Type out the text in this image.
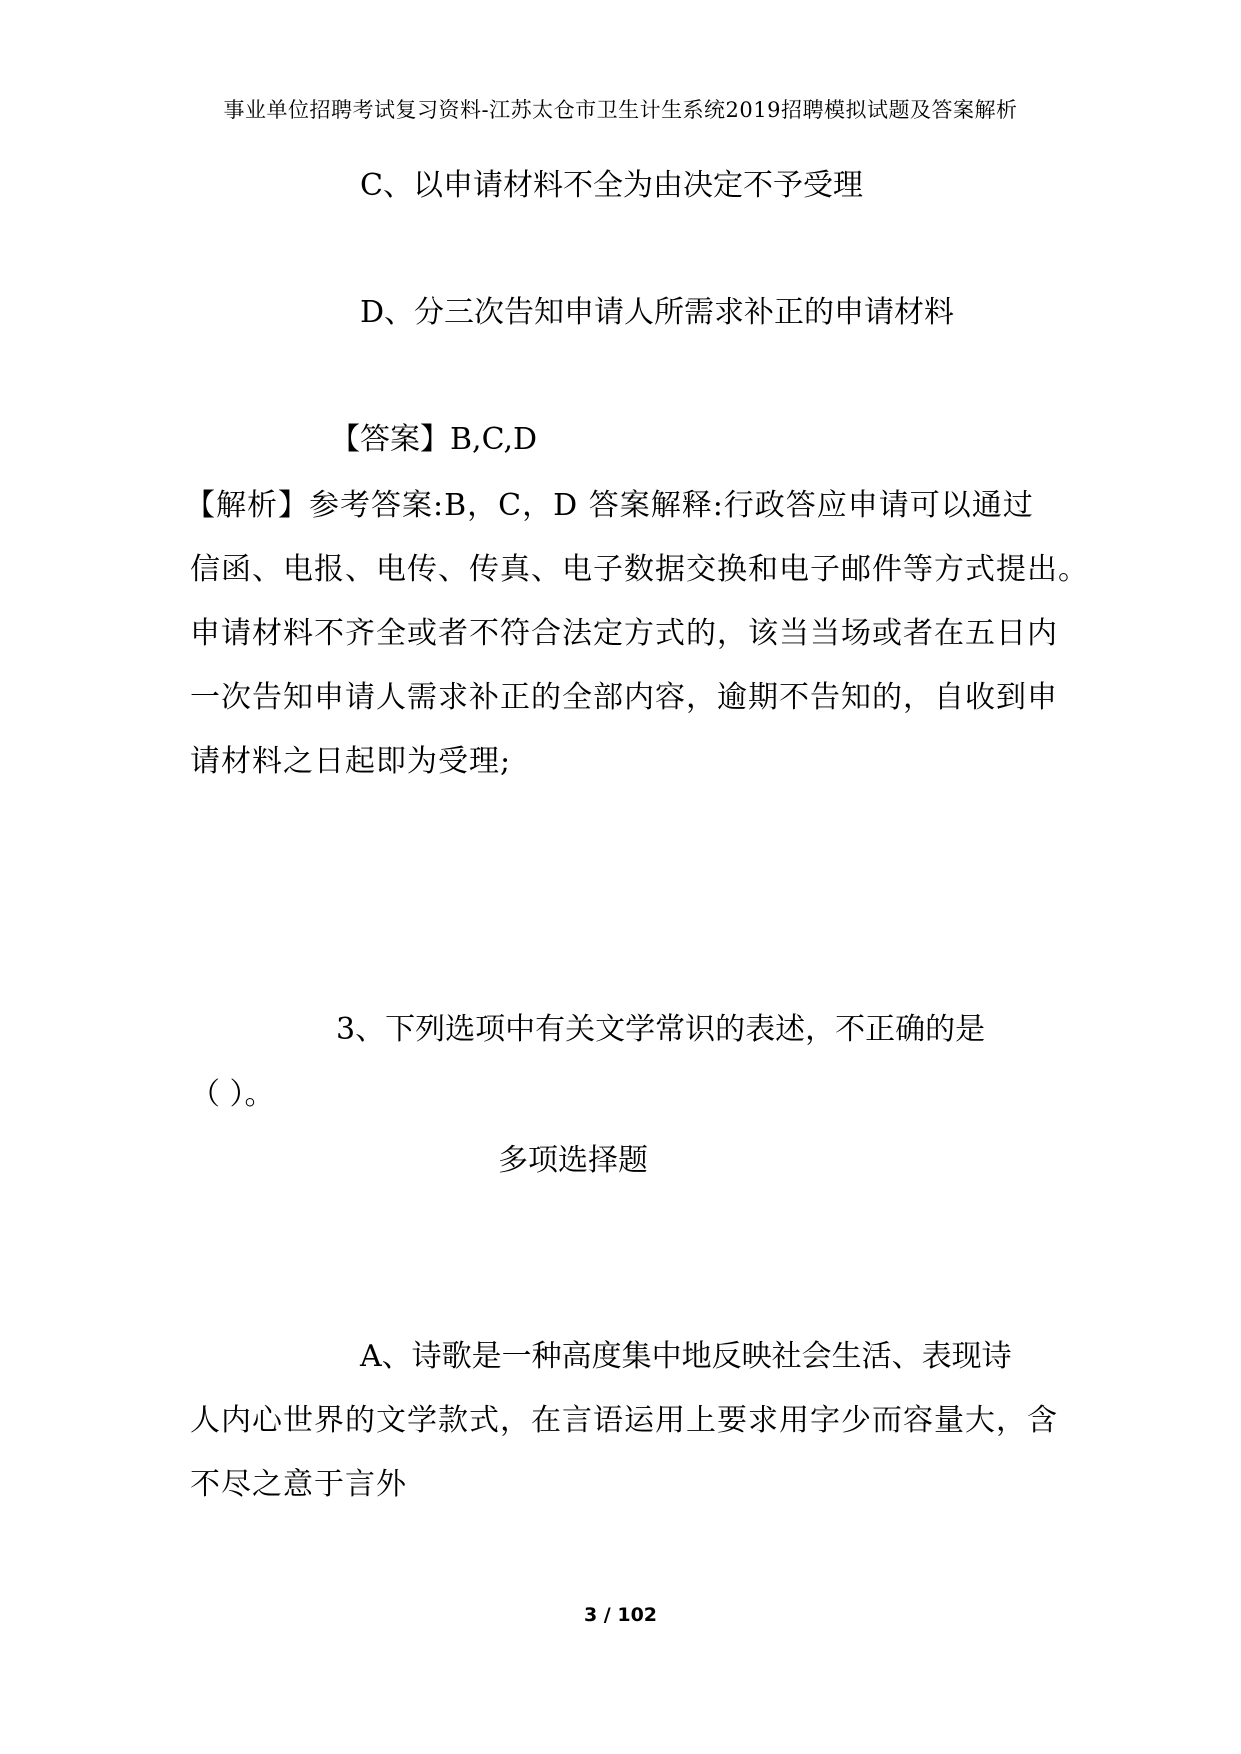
事业单位招聘考试复习资料-江苏太仓市卫生计生系统2019招聘模拟试题及答案解析
C、以申请材料不全为由决定不予受理
D、分三次告知申请人所需求补正的申请材料
【答案】B,C,D
【解析】参考答案:B，C，D 答案解释:行政答应申请可以通过
信函、电报、电传、传真、电子数据交换和电子邮件等方式提出。
申请材料不齐全或者不符合法定方式的，该当当场或者在五日内
一次告知申请人需求补正的全部内容，逾期不告知的，自收到申
请材料之日起即为受理;
3、下列选项中有关文学常识的表述，不正确的是
（ ）。
多项选择题
A、诗歌是一种高度集中地反映社会生活、表现诗
人内心世界的文学款式，在言语运用上要求用字少而容量大，含
不尽之意于言外
3 / 102
